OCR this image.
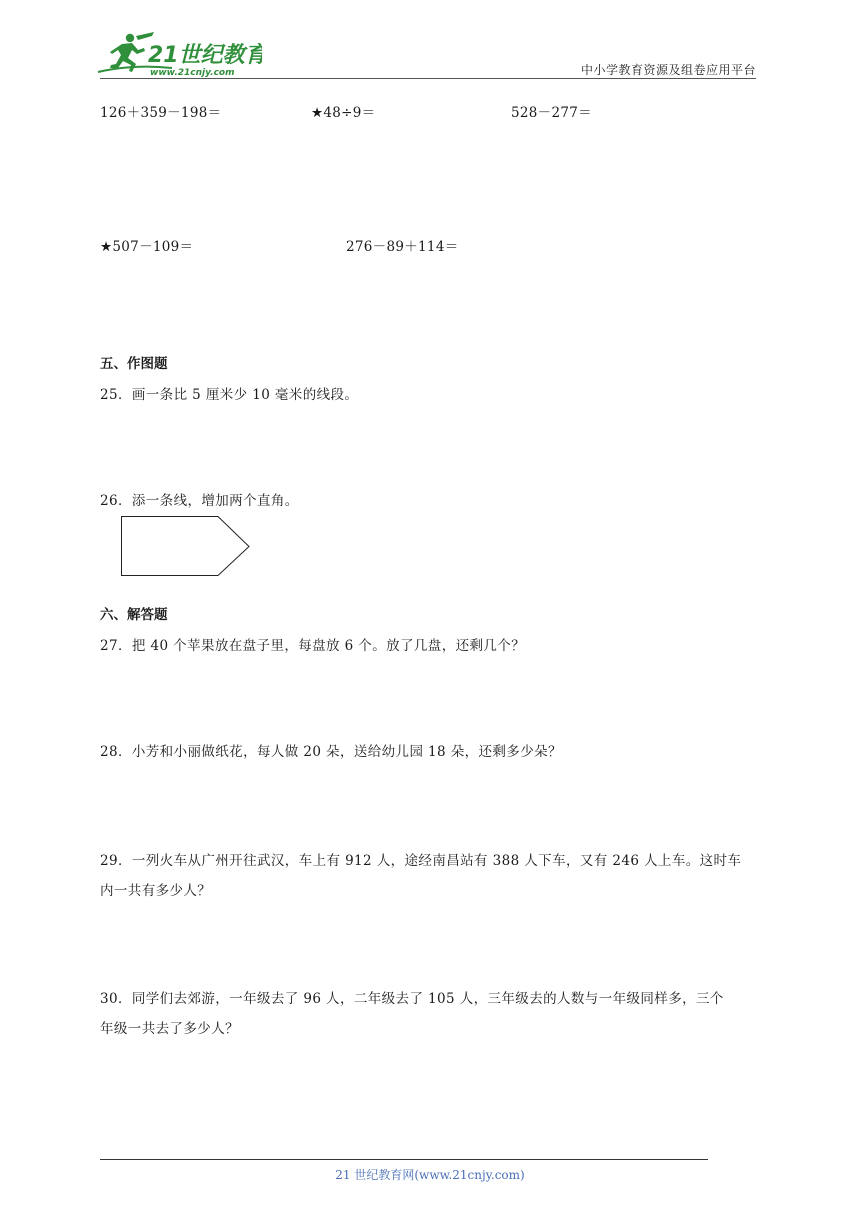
21世纪教育
www.21cnjy.com	中小学教育资源及组卷应用平台
126＋359－198＝	★48÷9＝	528－277＝
★507－109＝	276－89＋114＝
五、作图题
25．画一条比 5 厘米少 10 毫米的线段。
26．添一条线，增加两个直角。
六、解答题
27．把 40 个苹果放在盘子里，每盘放 6 个。放了几盘，还剩几个？
28．小芳和小丽做纸花，每人做 20 朵，送给幼儿园 18 朵，还剩多少朵？
29．一列火车从广州开往武汉，车上有 912 人，途经南昌站有 388 人下车，又有 246 人上车。这时车
内一共有多少人？
30．同学们去郊游，一年级去了 96 人，二年级去了 105 人，三年级去的人数与一年级同样多，三个
年级一共去了多少人？
21 世纪教育网(www.21cnjy.com)
